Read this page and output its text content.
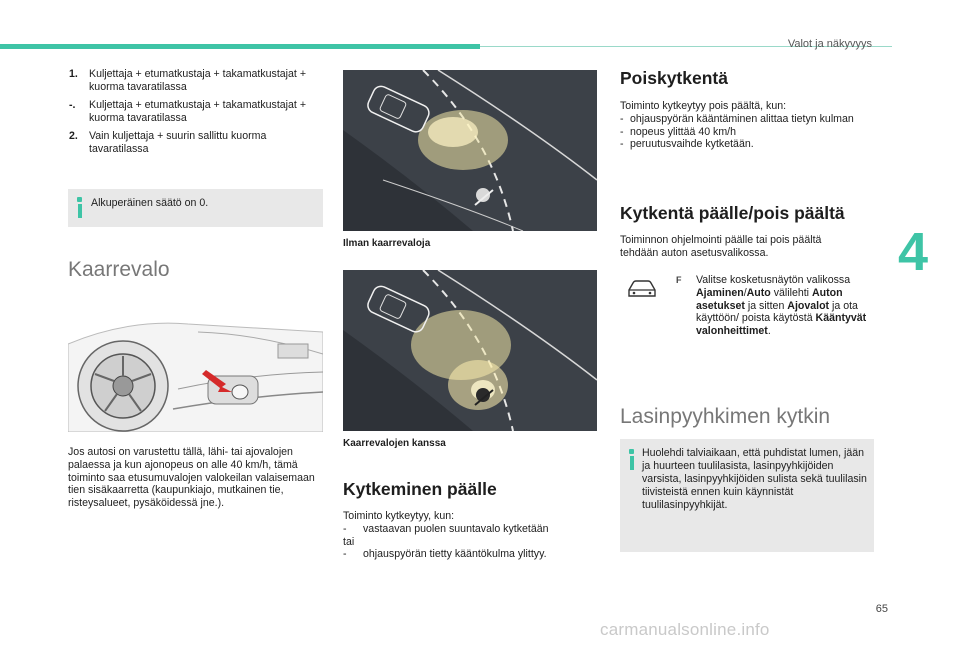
Valot ja näkyvyys
4
65
carmanualsonline.info
1.	Kuljettaja + etumatkustaja + takamatkustajat + kuorma tavaratilassa
-.	Kuljettaja + etumatkustaja + takamatkustajat + kuorma tavaratilassa
2.	Vain kuljettaja + suurin sallittu kuorma tavaratilassa
Alkuperäinen säätö on 0.
Kaarrevalo
Jos autosi on varustettu tällä, lähi- tai ajovalojen palaessa ja kun ajonopeus on alle 40 km/h, tämä toiminto saa etusumuvalojen valokeilan valaisemaan tien sisäkaarretta (kaupunkiajo, mutkainen tie, risteysalueet, pysäköidessä jne.).
Ilman kaarrevaloja
Kaarrevalojen kanssa
Kytkeminen päälle
Toiminto kytkeytyy, kun:
-	vastaavan puolen suuntavalo kytketään
tai
-	ohjauspyörän tietty kääntökulma ylittyy.
Poiskytkentä
Toiminto kytkeytyy pois päältä, kun:
- ohjauspyörän kääntäminen alittaa tietyn kulman
- nopeus ylittää 40 km/h
- peruutusvaihde kytketään.
Kytkentä päälle/pois päältä
Toiminnon ohjelmointi päälle tai pois päältä tehdään auton asetusvalikossa.
F Valitse kosketusnäytön valikossa Ajaminen/Auto välilehti Auton asetukset ja sitten Ajovalot ja ota käyttöön/ poista käytöstä Kääntyvät valonheittimet.
Lasinpyyhkimen kytkin
Huolehdi talviaikaan, että puhdistat lumen, jään ja huurteen tuulilasista, lasinpyyhkijöiden varsista, lasinpyyhkijöiden sulista sekä tuulilasin tiivisteistä ennen kuin käynnistät tuulilasinpyyhkijät.
